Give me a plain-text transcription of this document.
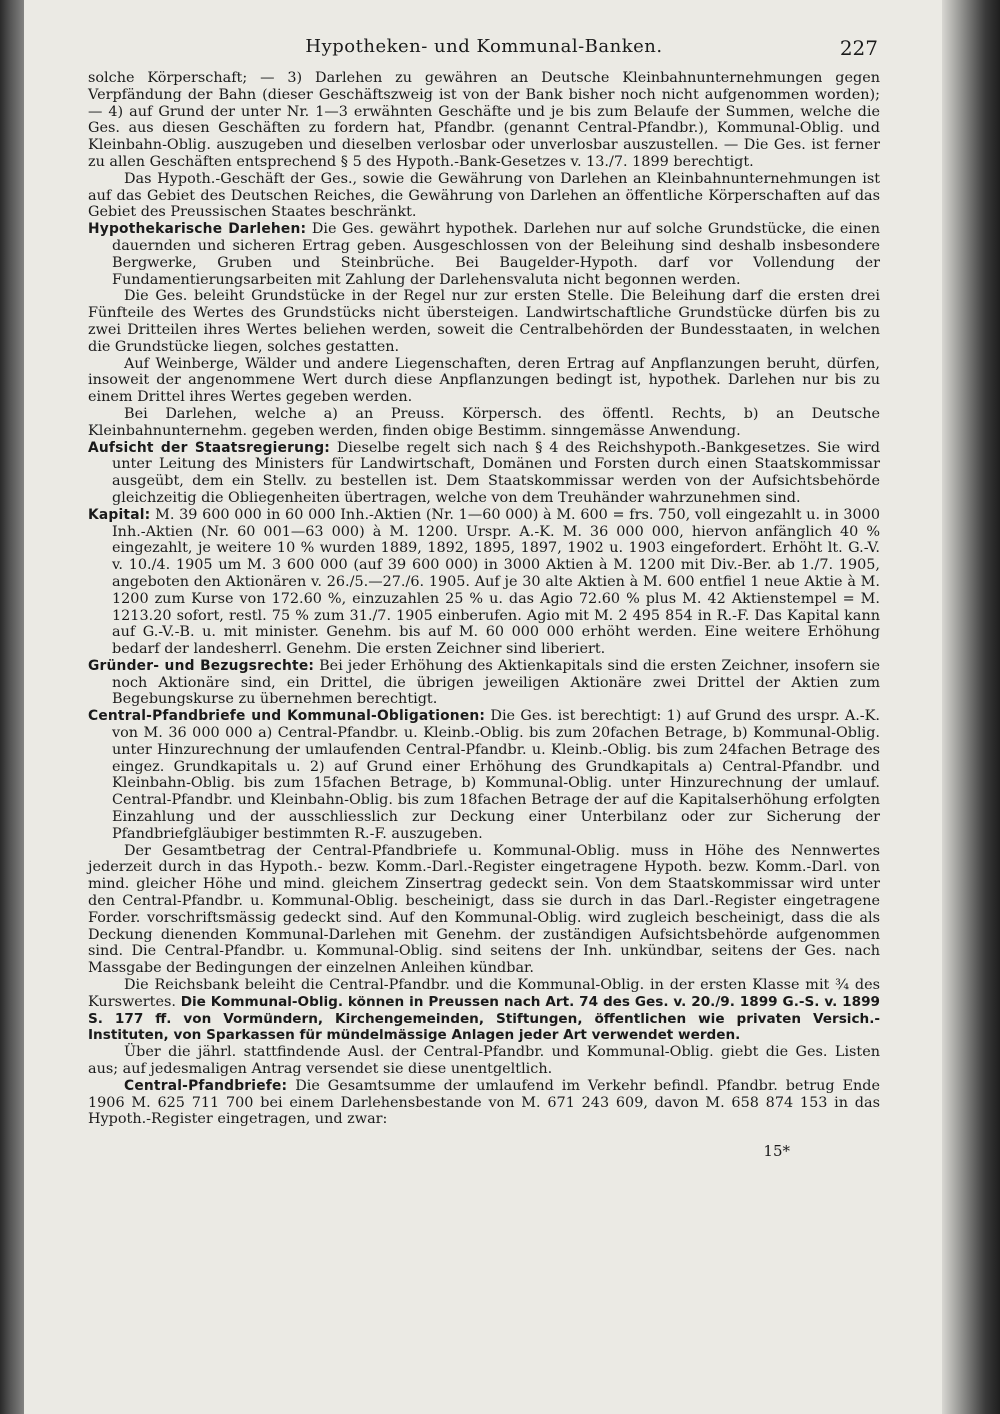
Hypotheken- und Kommunal-Banken.	227

solche Körperschaft; — 3) Darlehen zu gewähren an Deutsche Kleinbahnunternehmungen gegen Verpfändung der Bahn (dieser Geschäftszweig ist von der Bank bisher noch nicht aufgenommen worden); — 4) auf Grund der unter Nr. 1—3 erwähnten Geschäfte und je bis zum Belaufe der Summen, welche die Ges. aus diesen Geschäften zu fordern hat, Pfandbr. (genannt Central-Pfandbr.), Kommunal-Oblig. und Kleinbahn-Oblig. auszugeben und dieselben verlosbar oder unverlosbar auszustellen. — Die Ges. ist ferner zu allen Geschäften entsprechend § 5 des Hypoth.-Bank-Gesetzes v. 13./7. 1899 berechtigt.

Das Hypoth.-Geschäft der Ges., sowie die Gewährung von Darlehen an Kleinbahnunternehmungen ist auf das Gebiet des Deutschen Reiches, die Gewährung von Darlehen an öffentliche Körperschaften auf das Gebiet des Preussischen Staates beschränkt.

Hypothekarische Darlehen: Die Ges. gewährt hypothek. Darlehen nur auf solche Grundstücke, die einen dauernden und sicheren Ertrag geben. Ausgeschlossen von der Beleihung sind deshalb insbesondere Bergwerke, Gruben und Steinbrüche. Bei Baugelder-Hypoth. darf vor Vollendung der Fundamentierungsarbeiten mit Zahlung der Darlehensvaluta nicht begonnen werden.

Die Ges. beleiht Grundstücke in der Regel nur zur ersten Stelle. Die Beleihung darf die ersten drei Fünfteile des Wertes des Grundstücks nicht übersteigen. Landwirtschaftliche Grundstücke dürfen bis zu zwei Dritteilen ihres Wertes beliehen werden, soweit die Centralbehörden der Bundesstaaten, in welchen die Grundstücke liegen, solches gestatten.

Auf Weinberge, Wälder und andere Liegenschaften, deren Ertrag auf Anpflanzungen beruht, dürfen, insoweit der angenommene Wert durch diese Anpflanzungen bedingt ist, hypothek. Darlehen nur bis zu einem Drittel ihres Wertes gegeben werden.

Bei Darlehen, welche a) an Preuss. Körpersch. des öffentl. Rechts, b) an Deutsche Kleinbahnunternehm. gegeben werden, finden obige Bestimm. sinngemässe Anwendung.

Aufsicht der Staatsregierung: Dieselbe regelt sich nach § 4 des Reichshypoth.-Bankgesetzes. Sie wird unter Leitung des Ministers für Landwirtschaft, Domänen und Forsten durch einen Staatskommissar ausgeübt, dem ein Stellv. zu bestellen ist. Dem Staatskommissar werden von der Aufsichtsbehörde gleichzeitig die Obliegenheiten übertragen, welche von dem Treuhänder wahrzunehmen sind.

Kapital: M. 39 600 000 in 60 000 Inh.-Aktien (Nr. 1—60 000) à M. 600 = frs. 750, voll eingezahlt u. in 3000 Inh.-Aktien (Nr. 60 001—63 000) à M. 1200. Urspr. A.-K. M. 36 000 000, hiervon anfänglich 40 % eingezahlt, je weitere 10 % wurden 1889, 1892, 1895, 1897, 1902 u. 1903 eingefordert. Erhöht lt. G.-V. v. 10./4. 1905 um M. 3 600 000 (auf 39 600 000) in 3000 Aktien à M. 1200 mit Div.-Ber. ab 1./7. 1905, angeboten den Aktionären v. 26./5.—27./6. 1905. Auf je 30 alte Aktien à M. 600 entfiel 1 neue Aktie à M. 1200 zum Kurse von 172.60 %, einzuzahlen 25 % u. das Agio 72.60 % plus M. 42 Aktienstempel = M. 1213.20 sofort, restl. 75 % zum 31./7. 1905 einberufen. Agio mit M. 2 495 854 in R.-F. Das Kapital kann auf G.-V.-B. u. mit minister. Genehm. bis auf M. 60 000 000 erhöht werden. Eine weitere Erhöhung bedarf der landesherrl. Genehm. Die ersten Zeichner sind liberiert.

Gründer- und Bezugsrechte: Bei jeder Erhöhung des Aktienkapitals sind die ersten Zeichner, insofern sie noch Aktionäre sind, ein Drittel, die übrigen jeweiligen Aktionäre zwei Drittel der Aktien zum Begebungskurse zu übernehmen berechtigt.

Central-Pfandbriefe und Kommunal-Obligationen: Die Ges. ist berechtigt: 1) auf Grund des urspr. A.-K. von M. 36 000 000 a) Central-Pfandbr. u. Kleinb.-Oblig. bis zum 20fachen Betrage, b) Kommunal-Oblig. unter Hinzurechnung der umlaufenden Central-Pfandbr. u. Kleinb.-Oblig. bis zum 24fachen Betrage des eingez. Grundkapitals u. 2) auf Grund einer Erhöhung des Grundkapitals a) Central-Pfandbr. und Kleinbahn-Oblig. bis zum 15fachen Betrage, b) Kommunal-Oblig. unter Hinzurechnung der umlauf. Central-Pfandbr. und Kleinbahn-Oblig. bis zum 18fachen Betrage der auf die Kapitalserhöhung erfolgten Einzahlung und der ausschliesslich zur Deckung einer Unterbilanz oder zur Sicherung der Pfandbriefgläubiger bestimmten R.-F. auszugeben.

Der Gesamtbetrag der Central-Pfandbriefe u. Kommunal-Oblig. muss in Höhe des Nennwertes jederzeit durch in das Hypoth.- bezw. Komm.-Darl.-Register eingetragene Hypoth. bezw. Komm.-Darl. von mind. gleicher Höhe und mind. gleichem Zinsertrag gedeckt sein. Von dem Staatskommissar wird unter den Central-Pfandbr. u. Kommunal-Oblig. bescheinigt, dass sie durch in das Darl.-Register eingetragene Forder. vorschriftsmässig gedeckt sind. Auf den Kommunal-Oblig. wird zugleich bescheinigt, dass die als Deckung dienenden Kommunal-Darlehen mit Genehm. der zuständigen Aufsichtsbehörde aufgenommen sind. Die Central-Pfandbr. u. Kommunal-Oblig. sind seitens der Inh. unkündbar, seitens der Ges. nach Massgabe der Bedingungen der einzelnen Anleihen kündbar.

Die Reichsbank beleiht die Central-Pfandbr. und die Kommunal-Oblig. in der ersten Klasse mit ¾ des Kurswertes. Die Kommunal-Oblig. können in Preussen nach Art. 74 des Ges. v. 20./9. 1899 G.-S. v. 1899 S. 177 ff. von Vormündern, Kirchengemeinden, Stiftungen, öffentlichen wie privaten Versich.-Instituten, von Sparkassen für mündelmässige Anlagen jeder Art verwendet werden.

Über die jährl. stattfindende Ausl. der Central-Pfandbr. und Kommunal-Oblig. giebt die Ges. Listen aus; auf jedesmaligen Antrag versendet sie diese unentgeltlich.

Central-Pfandbriefe: Die Gesamtsumme der umlaufend im Verkehr befindl. Pfandbr. betrug Ende 1906 M. 625 711 700 bei einem Darlehensbestande von M. 671 243 609, davon M. 658 874 153 in das Hypoth.-Register eingetragen, und zwar:

15*
